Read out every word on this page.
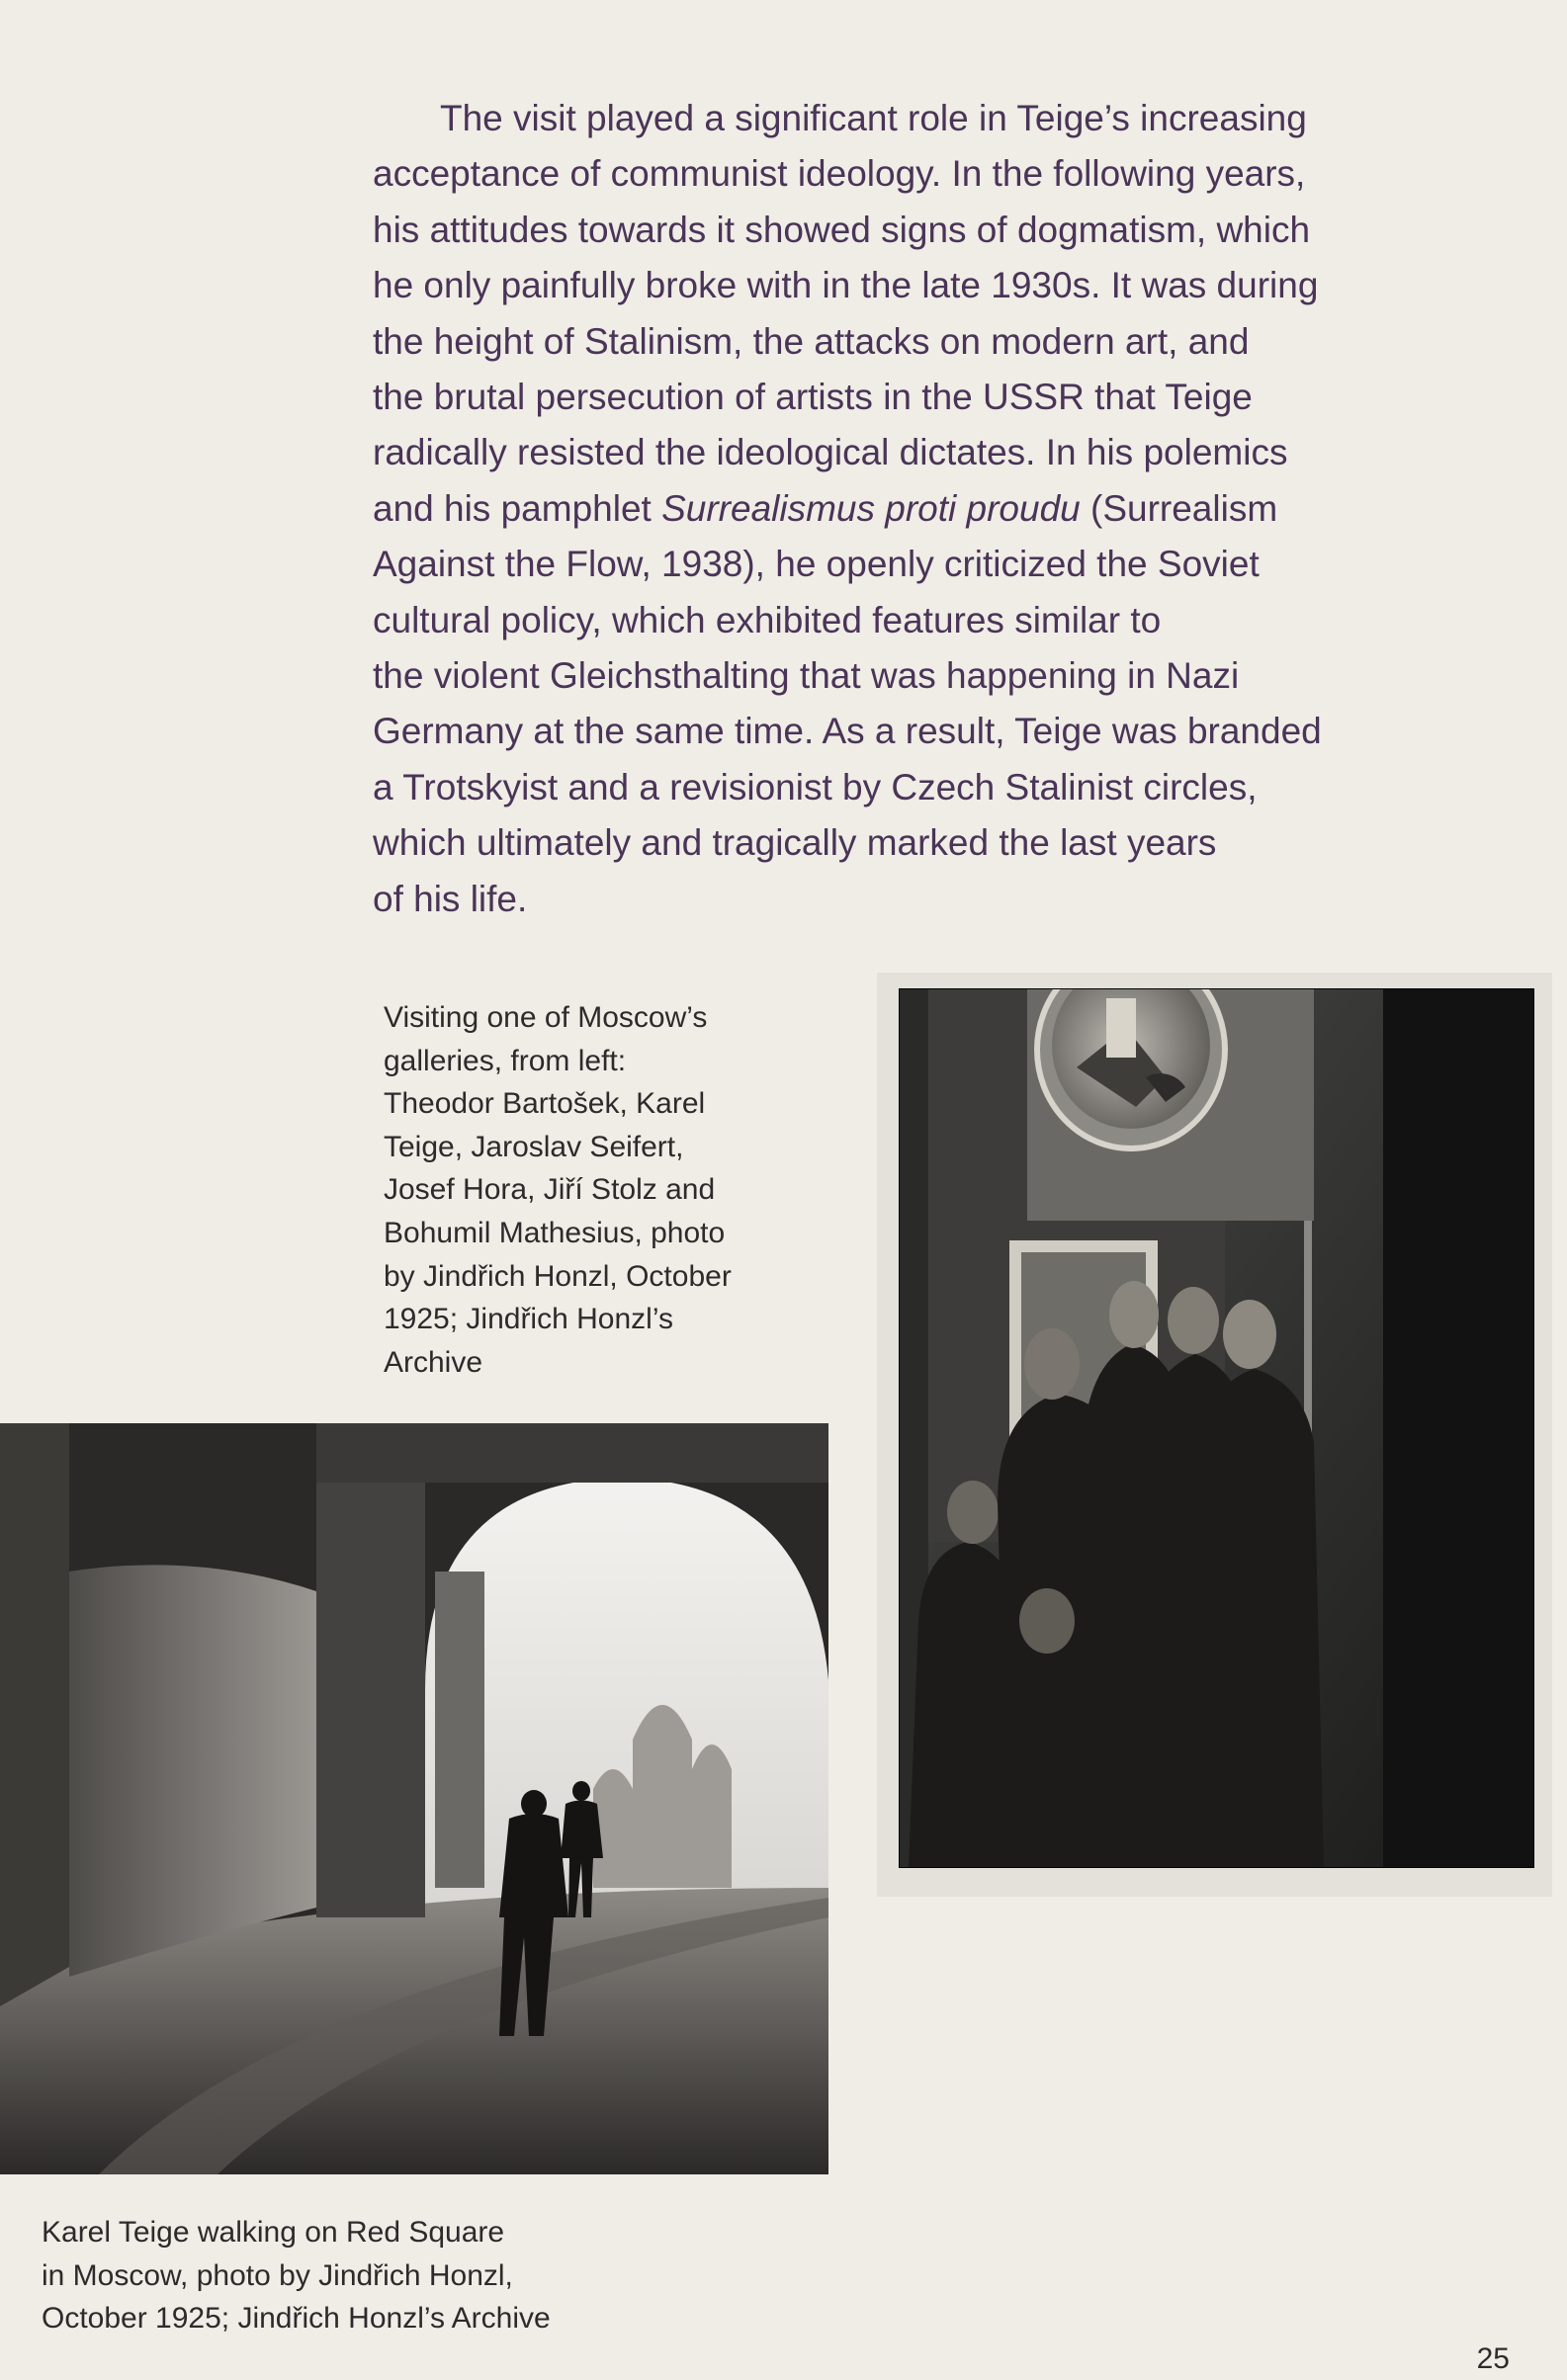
The visit played a significant role in Teige’s increasing
acceptance of communist ideology. In the following years,
his attitudes towards it showed signs of dogmatism, which
he only painfully broke with in the late 1930s. It was during
the height of Stalinism, the attacks on modern art, and
the brutal persecution of artists in the USSR that Teige
radically resisted the ideological dictates. In his polemics
and his pamphlet Surrealismus proti proudu (Surrealism
Against the Flow, 1938), he openly criticized the Soviet
cultural policy, which exhibited features similar to
the violent Gleichsthalting that was happening in Nazi
Germany at the same time. As a result, Teige was branded
a Trotskyist and a revisionist by Czech Stalinist circles,
which ultimately and tragically marked the last years
of his life.

Visiting one of Moscow’s
galleries, from left:
Theodor Bartošek, Karel
Teige, Jaroslav Seifert,
Josef Hora, Jiří Stolz and
Bohumil Mathesius, photo
by Jindřich Honzl, October
1925; Jindřich Honzl’s
Archive
Karel Teige walking on Red Square
in Moscow, photo by Jindřich Honzl,
October 1925; Jindřich Honzl’s Archive
25
